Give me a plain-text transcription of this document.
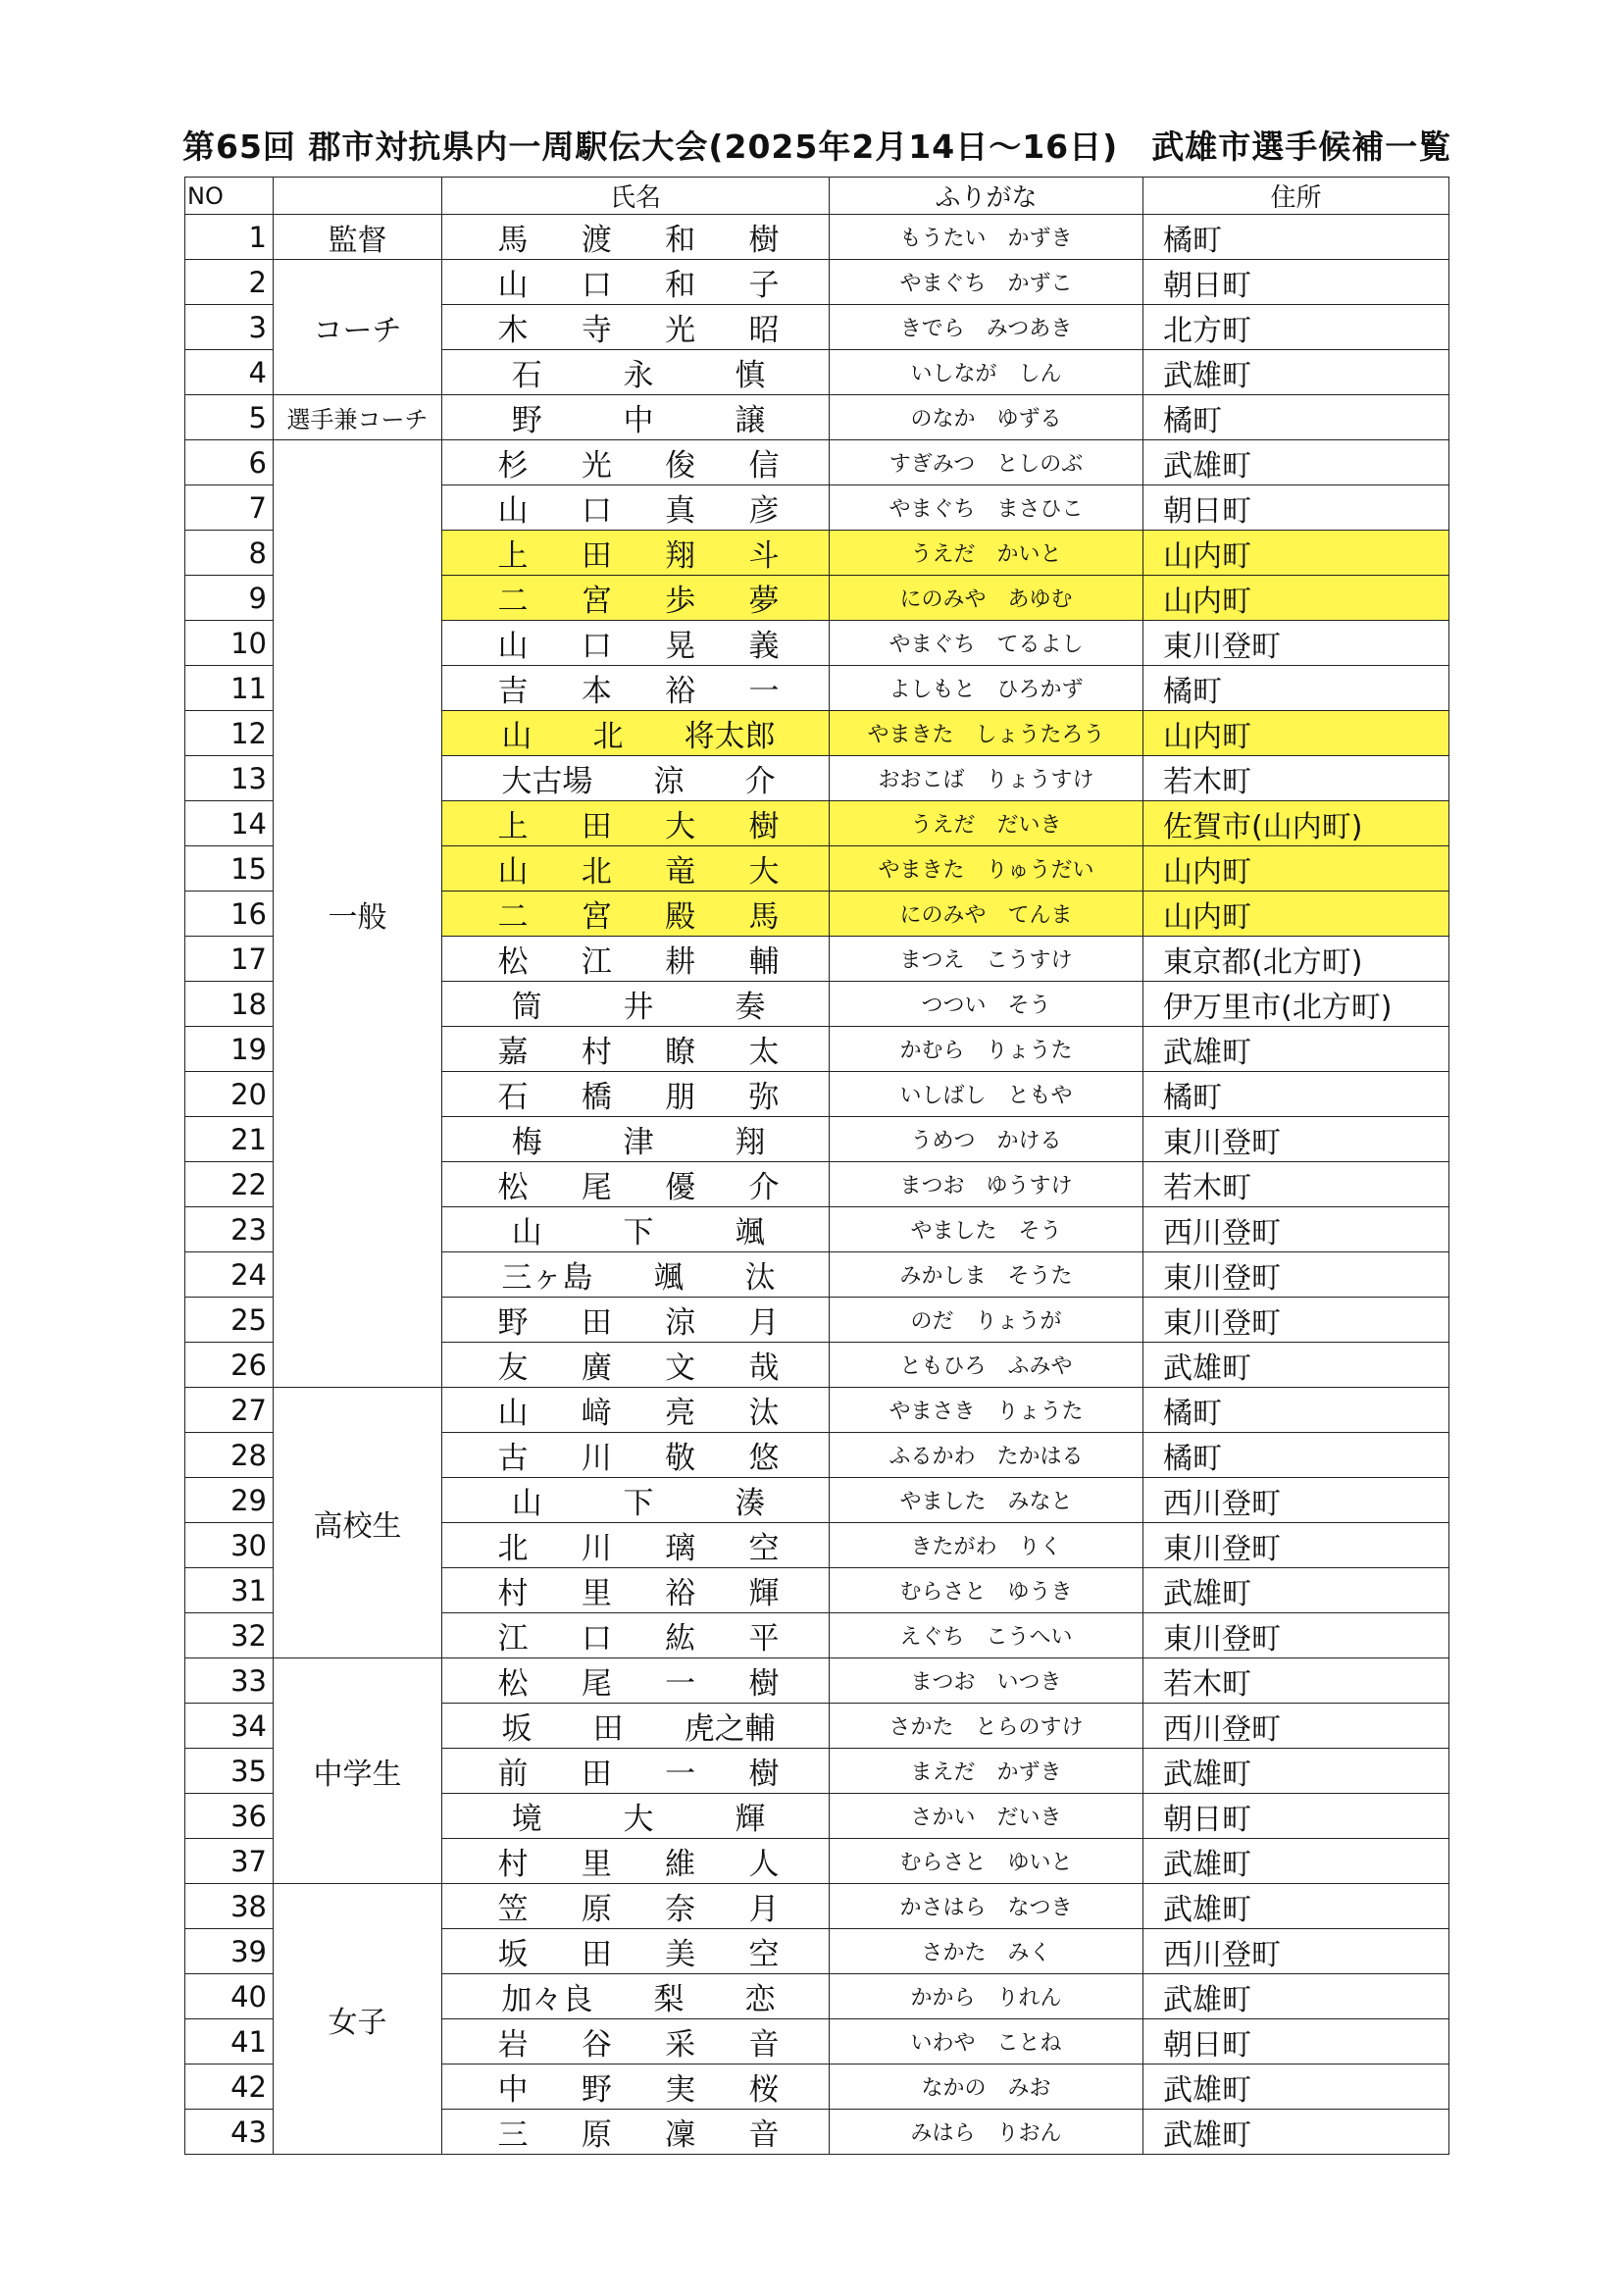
第65回 郡市対抗県内一周駅伝大会(2025年2月14日～16日)　武雄市選手候補一覧
NO		氏名	ふりがな	住所
1	監督	馬 渡 和 樹	もうたい　かずき	橘町
2	コーチ	山 口 和 子	やまぐち　かずこ	朝日町
3		木 寺 光 昭	きでら　みつあき	北方町
4		石 永 慎	いしなが　しん	武雄町
5	選手兼コーチ	野 中 譲	のなか　ゆずる	橘町
6	一般	杉 光 俊 信	すぎみつ　としのぶ	武雄町
7		山 口 真 彦	やまぐち　まさひこ	朝日町
8		上 田 翔 斗	うえだ　かいと	山内町
9		二 宮 歩 夢	にのみや　あゆむ	山内町
10		山 口 晃 義	やまぐち　てるよし	東川登町
11		吉 本 裕 一	よしもと　ひろかず	橘町
12		山 北 将太郎	やまきた　しょうたろう	山内町
13		大古場 涼 介	おおこば　りょうすけ	若木町
14		上 田 大 樹	うえだ　だいき	佐賀市(山内町)
15		山 北 竜 大	やまきた　りゅうだい	山内町
16		二 宮 殿 馬	にのみや　てんま	山内町
17		松 江 耕 輔	まつえ　こうすけ	東京都(北方町)
18		筒 井 奏	つつい　そう	伊万里市(北方町)
19		嘉 村 瞭 太	かむら　りょうた	武雄町
20		石 橋 朋 弥	いしばし　ともや	橘町
21		梅 津 翔	うめつ　かける	東川登町
22		松 尾 優 介	まつお　ゆうすけ	若木町
23		山 下 颯	やました　そう	西川登町
24		三ヶ島 颯 汰	みかしま　そうた	東川登町
25		野 田 涼 月	のだ　りょうが	東川登町
26		友 廣 文 哉	ともひろ　ふみや	武雄町
27	高校生	山 﨑 亮 汰	やまさき　りょうた	橘町
28		古 川 敬 悠	ふるかわ　たかはる	橘町
29		山 下 湊	やました　みなと	西川登町
30		北 川 璃 空	きたがわ　りく	東川登町
31		村 里 裕 輝	むらさと　ゆうき	武雄町
32		江 口 紘 平	えぐち　こうへい	東川登町
33	中学生	松 尾 一 樹	まつお　いつき	若木町
34		坂 田 虎之輔	さかた　とらのすけ	西川登町
35		前 田 一 樹	まえだ　かずき	武雄町
36		境 大 輝	さかい　だいき	朝日町
37		村 里 維 人	むらさと　ゆいと	武雄町
38	女子	笠 原 奈 月	かさはら　なつき	武雄町
39		坂 田 美 空	さかた　みく	西川登町
40		加々良 梨 恋	かから　りれん	武雄町
41		岩 谷 采 音	いわや　ことね	朝日町
42		中 野 実 桜	なかの　みお	武雄町
43		三 原 凜 音	みはら　りおん	武雄町
